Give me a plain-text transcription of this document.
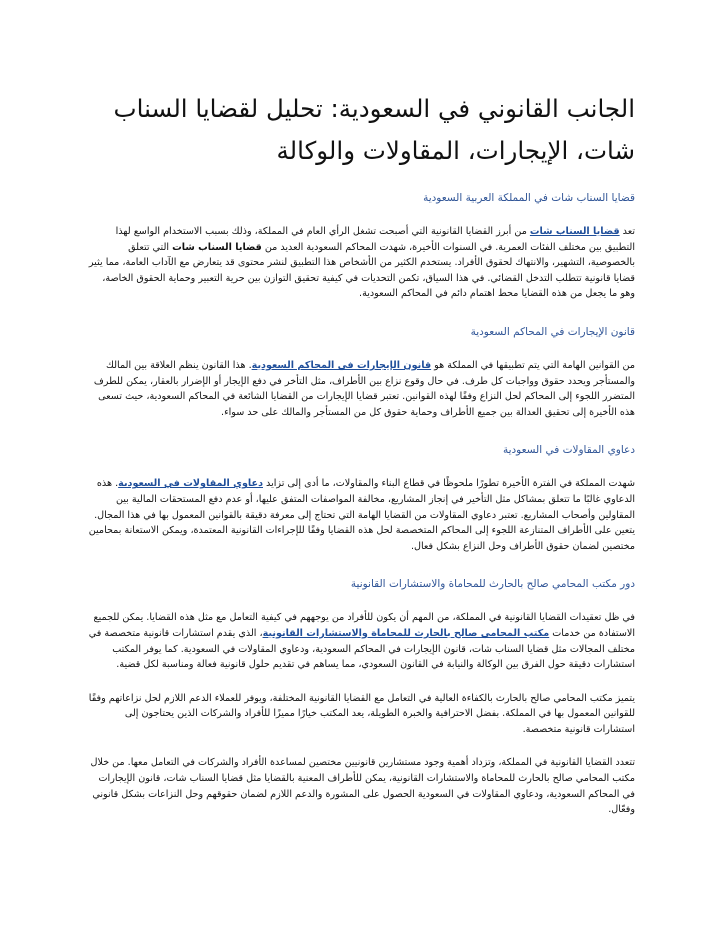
الجانب القانوني في السعودية: تحليل لقضايا السناب شات، الإيجارات، المقاولات والوكالة
قضايا السناب شات في المملكة العربية السعودية

تعد قضايا السناب شات من أبرز القضايا القانونية التي أصبحت تشغل الرأي العام في المملكة، وذلك بسبب الاستخدام الواسع لهذا التطبيق بين مختلف الفئات العمرية. في السنوات الأخيرة، شهدت المحاكم السعودية العديد من قضايا السناب شات التي تتعلق بالخصوصية، التشهير، والانتهاك لحقوق الأفراد. يستخدم الكثير من الأشخاص هذا التطبيق لنشر محتوى قد يتعارض مع الآداب العامة، مما يثير قضايا قانونية تتطلب التدخل القضائي. في هذا السياق، تكمن التحديات في كيفية تحقيق التوازن بين حرية التعبير وحماية الحقوق الخاصة، وهو ما يجعل من هذه القضايا محط اهتمام دائم في المحاكم السعودية.

قانون الإيجارات في المحاكم السعودية

من القوانين الهامة التي يتم تطبيقها في المملكة هو قانون الإيجارات في المحاكم السعودية. هذا القانون ينظم العلاقة بين المالك والمستأجر ويحدد حقوق وواجبات كل طرف. في حال وقوع نزاع بين الأطراف، مثل التأخر في دفع الإيجار أو الإضرار بالعقار، يمكن للطرف المتضرر اللجوء إلى المحاكم لحل النزاع وفقًا لهذه القوانين. تعتبر قضايا الإيجارات من القضايا الشائعة في المحاكم السعودية، حيث تسعى هذه الأخيرة إلى تحقيق العدالة بين جميع الأطراف وحماية حقوق كل من المستأجر والمالك على حد سواء.

دعاوي المقاولات في السعودية

شهدت المملكة في الفترة الأخيرة تطورًا ملحوظًا في قطاع البناء والمقاولات، ما أدى إلى تزايد دعاوي المقاولات في السعودية. هذه الدعاوي غالبًا ما تتعلق بمشاكل مثل التأخير في إنجاز المشاريع، مخالفة المواصفات المتفق عليها، أو عدم دفع المستحقات المالية بين المقاولين وأصحاب المشاريع. تعتبر دعاوي المقاولات من القضايا الهامة التي تحتاج إلى معرفة دقيقة بالقوانين المعمول بها في هذا المجال. يتعين على الأطراف المتنازعة اللجوء إلى المحاكم المتخصصة لحل هذه القضايا وفقًا للإجراءات القانونية المعتمدة، ويمكن الاستعانة بمحامين مختصين لضمان حقوق الأطراف وحل النزاع بشكل فعال.

دور مكتب المحامي صالح بالحارث للمحاماة والاستشارات القانونية

في ظل تعقيدات القضايا القانونية في المملكة، من المهم أن يكون للأفراد من يوجههم في كيفية التعامل مع مثل هذه القضايا. يمكن للجميع الاستفادة من خدمات مكتب المحامي صالح بالحارث للمحاماة والاستشارات القانونية، الذي يقدم استشارات قانونية متخصصة في مختلف المجالات مثل قضايا السناب شات، قانون الإيجارات في المحاكم السعودية، ودعاوي المقاولات في السعودية. كما يوفر المكتب استشارات دقيقة حول الفرق بين الوكالة والنيابة في القانون السعودي، مما يساهم في تقديم حلول قانونية فعالة ومناسبة لكل قضية.

يتميز مكتب المحامي صالح بالحارث بالكفاءة العالية في التعامل مع القضايا القانونية المختلفة، ويوفر للعملاء الدعم اللازم لحل نزاعاتهم وفقًا للقوانين المعمول بها في المملكة. بفضل الاحترافية والخبرة الطويلة، يعد المكتب خيارًا مميزًا للأفراد والشركات الذين يحتاجون إلى استشارات قانونية متخصصة.

تتعدد القضايا القانونية في المملكة، وتزداد أهمية وجود مستشارين قانونيين مختصين لمساعدة الأفراد والشركات في التعامل معها. من خلال مكتب المحامي صالح بالحارث للمحاماة والاستشارات القانونية، يمكن للأطراف المعنية بالقضايا مثل قضايا السناب شات، قانون الإيجارات في المحاكم السعودية، ودعاوي المقاولات في السعودية الحصول على المشورة والدعم اللازم لضمان حقوقهم وحل النزاعات بشكل قانوني وفعّال.
